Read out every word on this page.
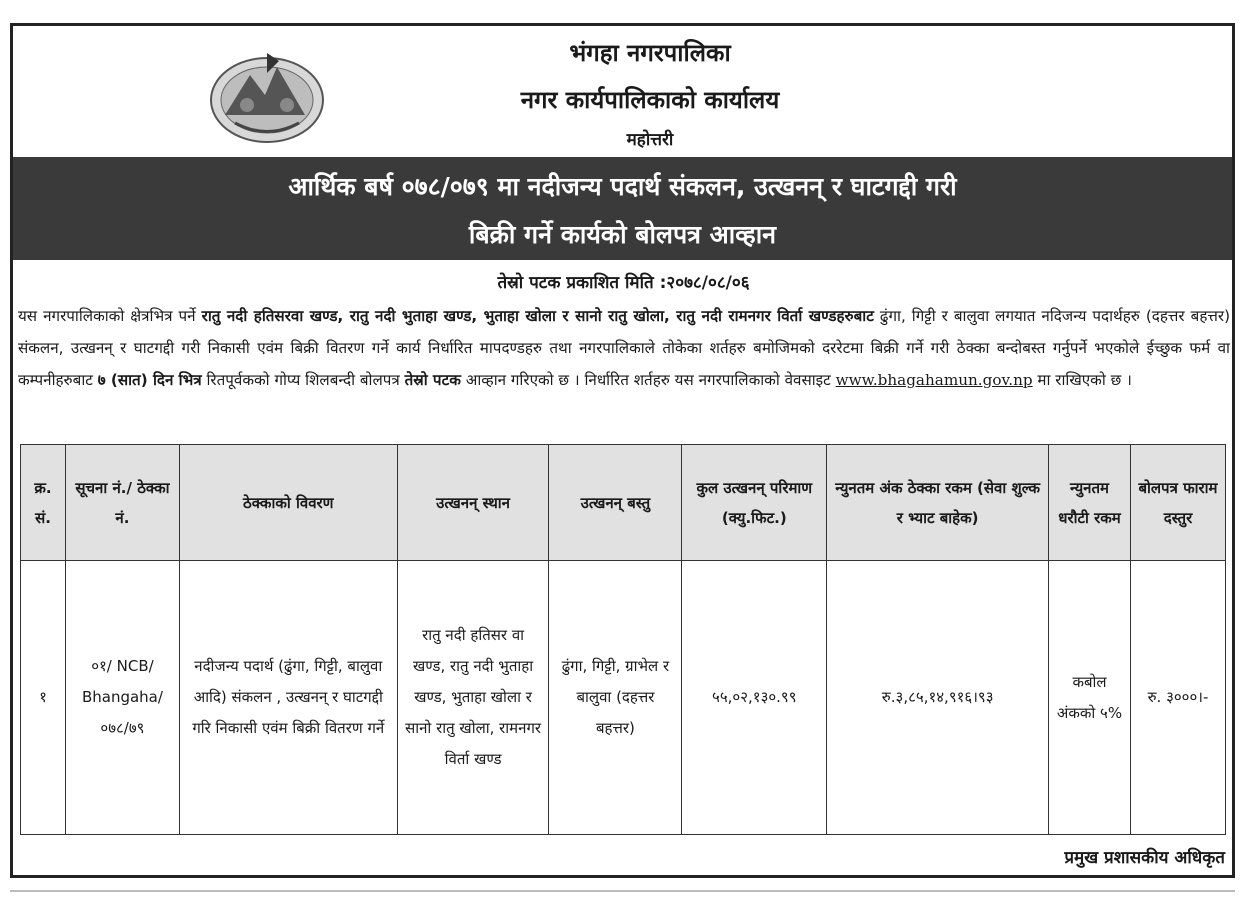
भंगहा नगरपालिका
नगर कार्यपालिकाको कार्यालय
महोत्तरी
आर्थिक बर्ष ०७८/०७९ मा नदीजन्य पदार्थ संकलन, उत्खनन् र घाटगद्दी गरी
बिक्री गर्ने कार्यको बोलपत्र आव्हान
तेस्रो पटक प्रकाशित मिति :२०७८/०८/०६
यस नगरपालिकाको क्षेत्रभित्र पर्ने रातु नदी हतिसरवा खण्ड, रातु नदी भुताहा खण्ड, भुताहा खोला र सानो रातु खोला, रातु नदी रामनगर विर्ता खण्डहरुबाट ढुंगा, गिट्टी र बालुवा लगयात नदिजन्य पदार्थहरु (दहत्तर बहत्तर) संकलन, उत्खनन् र घाटगद्दी गरी निकासी एवंम बिक्री वितरण गर्ने कार्य निर्धारित मापदण्डहरु तथा नगरपालिकाले तोकेका शर्तहरु बमोजिमको दररेटमा बिक्री गर्ने गरी ठेक्का बन्दोबस्त गर्नुपर्ने भएकोले ईच्छुक फर्म वा कम्पनीहरुबाट ७ (सात) दिन भित्र रितपूर्वकको गोप्य शिलबन्दी बोलपत्र तेस्रो पटक आव्हान गरिएको छ । निर्धारित शर्तहरु यस नगरपालिकाको वेवसाइट www.bhagahamun.gov.np मा राखिएको छ ।
क्र. सं.	सूचना नं./ ठेक्का नं.	ठेक्काको विवरण	उत्खनन् स्थान	उत्खनन् बस्तु	कुल उत्खनन् परिमाण (क्यु.फिट.)	न्युनतम अंक ठेक्का रकम (सेवा शुल्क र भ्याट बाहेक)	न्युनतम धरौटी रकम	बोलपत्र फाराम दस्तुर
१	०१/ NCB/ Bhangaha/ ०७८/७९	नदीजन्य पदार्थ (ढुंगा, गिट्टी, बालुवा आदि) संकलन , उत्खनन् र घाटगद्दी गरि निकासी एवंम बिक्री वितरण गर्ने	रातु नदी हतिसर वा खण्ड, रातु नदी भुताहा खण्ड, भुताहा खोला र सानो रातु खोला, रामनगर विर्ता खण्ड	ढुंगा, गिट्टी, ग्राभेल र बालुवा (दहत्तर बहत्तर)	५५,०२,१३०.९९	रु.३,८५,१४,९१६।९३	कबोल अंकको ५%	रु. ३०००।-
प्रमुख प्रशासकीय अधिकृत
